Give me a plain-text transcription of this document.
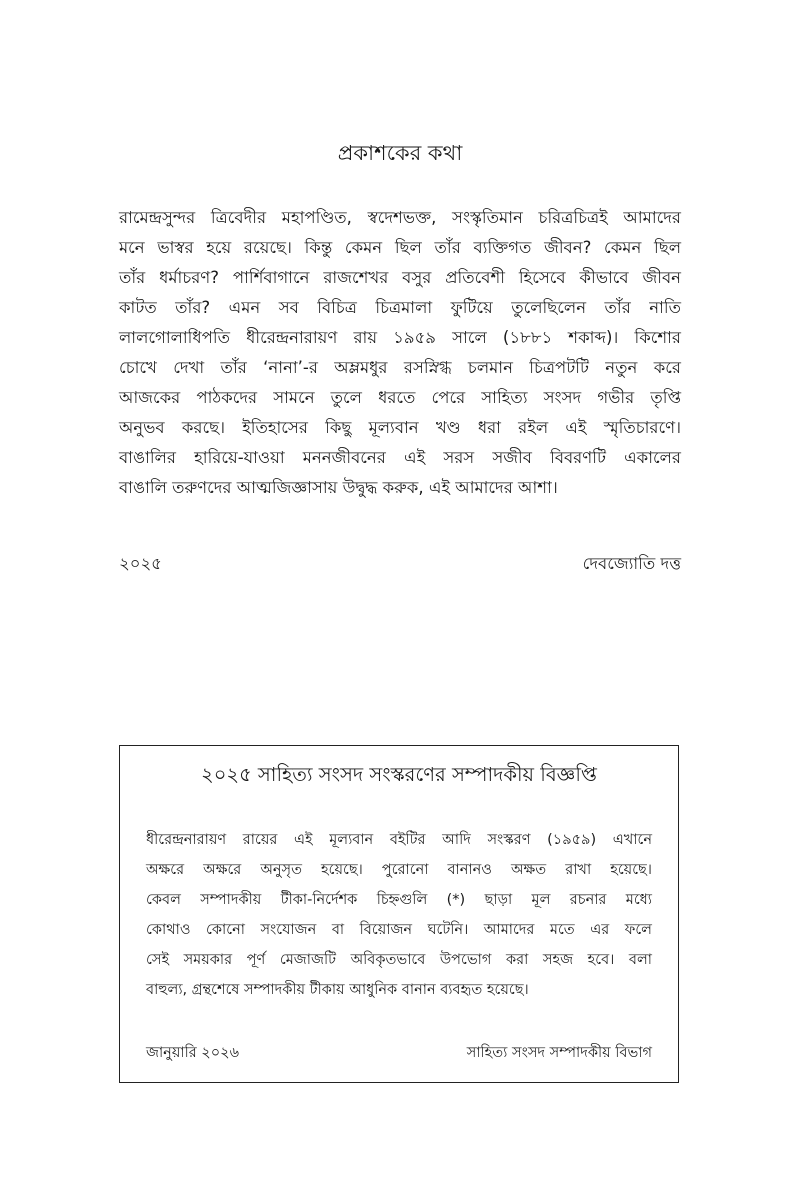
প্রকাশকের কথা

রামেন্দ্রসুন্দর ত্রিবেদীর মহাপণ্ডিত, স্বদেশভক্ত, সংস্কৃতিমান চরিত্রচিত্রই আমাদের
মনে ভাস্বর হয়ে রয়েছে। কিন্তু কেমন ছিল তাঁর ব্যক্তিগত জীবন? কেমন ছিল
তাঁর ধর্মাচরণ? পার্শিবাগানে রাজশেখর বসুর প্রতিবেশী হিসেবে কীভাবে জীবন
কাটত তাঁর? এমন সব বিচিত্র চিত্রমালা ফুটিয়ে তুলেছিলেন তাঁর নাতি
লালগোলাধিপতি ধীরেন্দ্রনারায়ণ রায় ১৯৫৯ সালে (১৮৮১ শকাব্দ)। কিশোর
চোখে দেখা তাঁর ‘নানা’-র অম্লমধুর রসস্নিগ্ধ চলমান চিত্রপটটি নতুন করে
আজকের পাঠকদের সামনে তুলে ধরতে পেরে সাহিত্য সংসদ গভীর তৃপ্তি
অনুভব করছে। ইতিহাসের কিছু মূল্যবান খণ্ড ধরা রইল এই স্মৃতিচারণে।
বাঙালির হারিয়ে-যাওয়া মননজীবনের এই সরস সজীব বিবরণটি একালের
বাঙালি তরুণদের আত্মজিজ্ঞাসায় উদ্বুদ্ধ করুক, এই আমাদের আশা।

২০২৫	দেবজ্যোতি দত্ত
২০২৫ সাহিত্য সংসদ সংস্করণের সম্পাদকীয় বিজ্ঞপ্তি

ধীরেন্দ্রনারায়ণ রায়ের এই মূল্যবান বইটির আদি সংস্করণ (১৯৫৯) এখানে
অক্ষরে অক্ষরে অনুসৃত হয়েছে। পুরোনো বানানও অক্ষত রাখা হয়েছে।
কেবল সম্পাদকীয় টীকা-নির্দেশক চিহ্নগুলি (*) ছাড়া মূল রচনার মধ্যে
কোথাও কোনো সংযোজন বা বিয়োজন ঘটেনি। আমাদের মতে এর ফলে
সেই সময়কার পূর্ণ মেজাজটি অবিকৃতভাবে উপভোগ করা সহজ হবে। বলা
বাহুল্য, গ্রন্থশেষে সম্পাদকীয় টীকায় আধুনিক বানান ব্যবহৃত হয়েছে।

জানুয়ারি ২০২৬	সাহিত্য সংসদ সম্পাদকীয় বিভাগ
